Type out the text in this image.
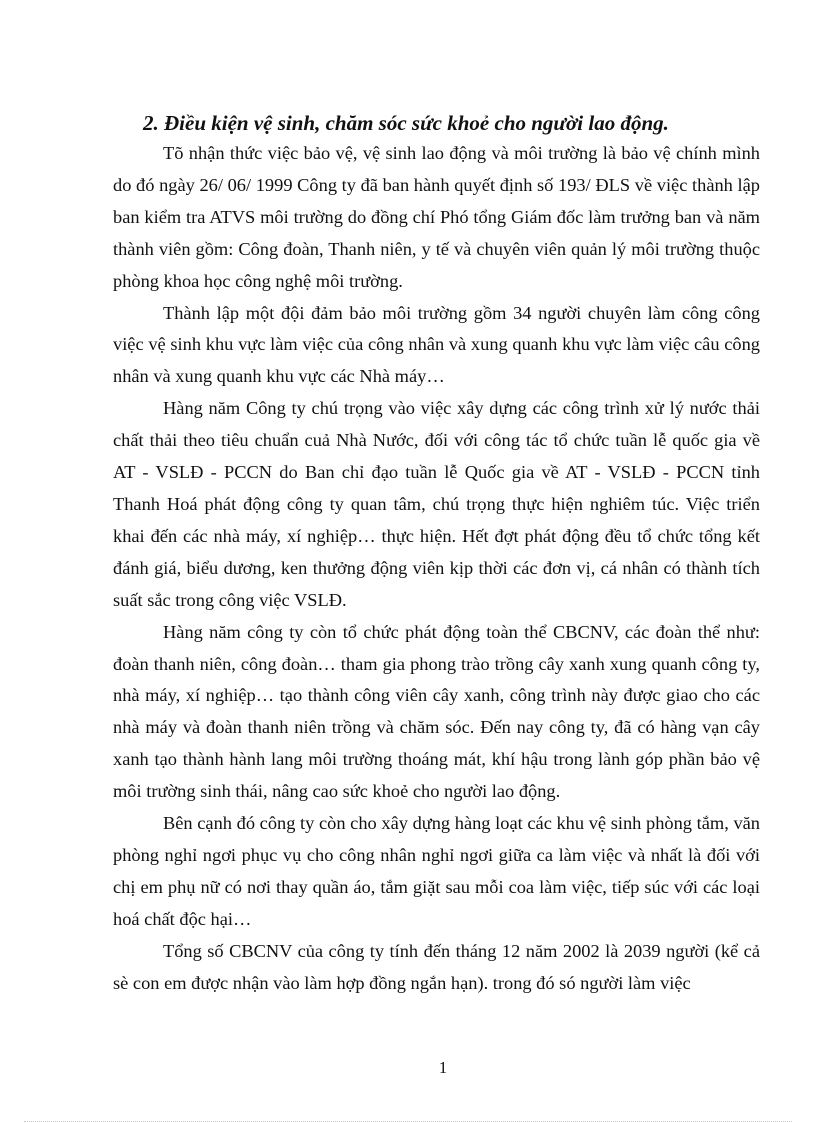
2. Điều kiện vệ sinh, chăm sóc sức khoẻ cho người lao động.

Tõ nhận thức việc bảo vệ, vệ sinh lao động và môi trường là bảo vệ chính mình do đó ngày 26/ 06/ 1999 Công ty đã ban hành quyết định số 193/ ĐLS về việc thành lập ban kiểm tra ATVS môi trường do đồng chí Phó tổng Giám đốc làm trưởng ban và năm thành viên gồm: Công đoàn, Thanh niên, y tế và chuyên viên quản lý môi trường thuộc phòng khoa học công nghệ môi trường.

Thành lập một đội đảm bảo môi trường gồm 34 người chuyên làm công công việc vệ sinh khu vực làm việc của công nhân và xung quanh khu vực làm việc câu công nhân và xung quanh khu vực các Nhà máy…

Hàng năm Công ty chú trọng vào việc xây dựng các công trình xử lý nước thải chất thải theo tiêu chuẩn cuả Nhà Nước, đối với công tác tổ chức tuần lễ quốc gia về AT - VSLĐ - PCCN do Ban chỉ đạo tuần lễ Quốc gia về AT - VSLĐ - PCCN tỉnh Thanh Hoá phát động công ty quan tâm, chú trọng thực hiện nghiêm túc. Việc triển khai đến các nhà máy, xí nghiệp… thực hiện. Hết đợt phát động đều tổ chức tổng kết đánh giá, biểu dương, ken thưởng động viên kịp thời các đơn vị, cá nhân có thành tích suất sắc trong công việc VSLĐ.

Hàng năm công ty còn tổ chức phát động toàn thể CBCNV, các đoàn thể như: đoàn thanh niên, công đoàn… tham gia phong trào trồng cây xanh xung quanh công ty, nhà máy, xí nghiệp… tạo thành công viên cây xanh, công trình này được giao cho các nhà máy và đoàn thanh niên trồng và chăm sóc. Đến nay công ty, đã có hàng vạn cây xanh tạo thành hành lang môi trường thoáng mát, khí hậu trong lành góp phần bảo vệ môi trường sinh thái, nâng cao sức khoẻ cho người lao động.

Bên cạnh đó công ty còn cho xây dựng hàng loạt các khu vệ sinh phòng tắm, văn phòng nghỉ ngơi phục vụ cho công nhân nghỉ ngơi giữa ca làm việc và nhất là đối với chị em phụ nữ có nơi thay quần áo, tắm giặt sau mỗi coa làm việc, tiếp súc với các loại hoá chất độc hại…

Tổng số CBCNV của công ty tính đến tháng 12 năm 2002 là 2039 người (kể cả sè con em được nhận vào làm hợp đồng ngắn hạn). trong đó só người làm việc

1
